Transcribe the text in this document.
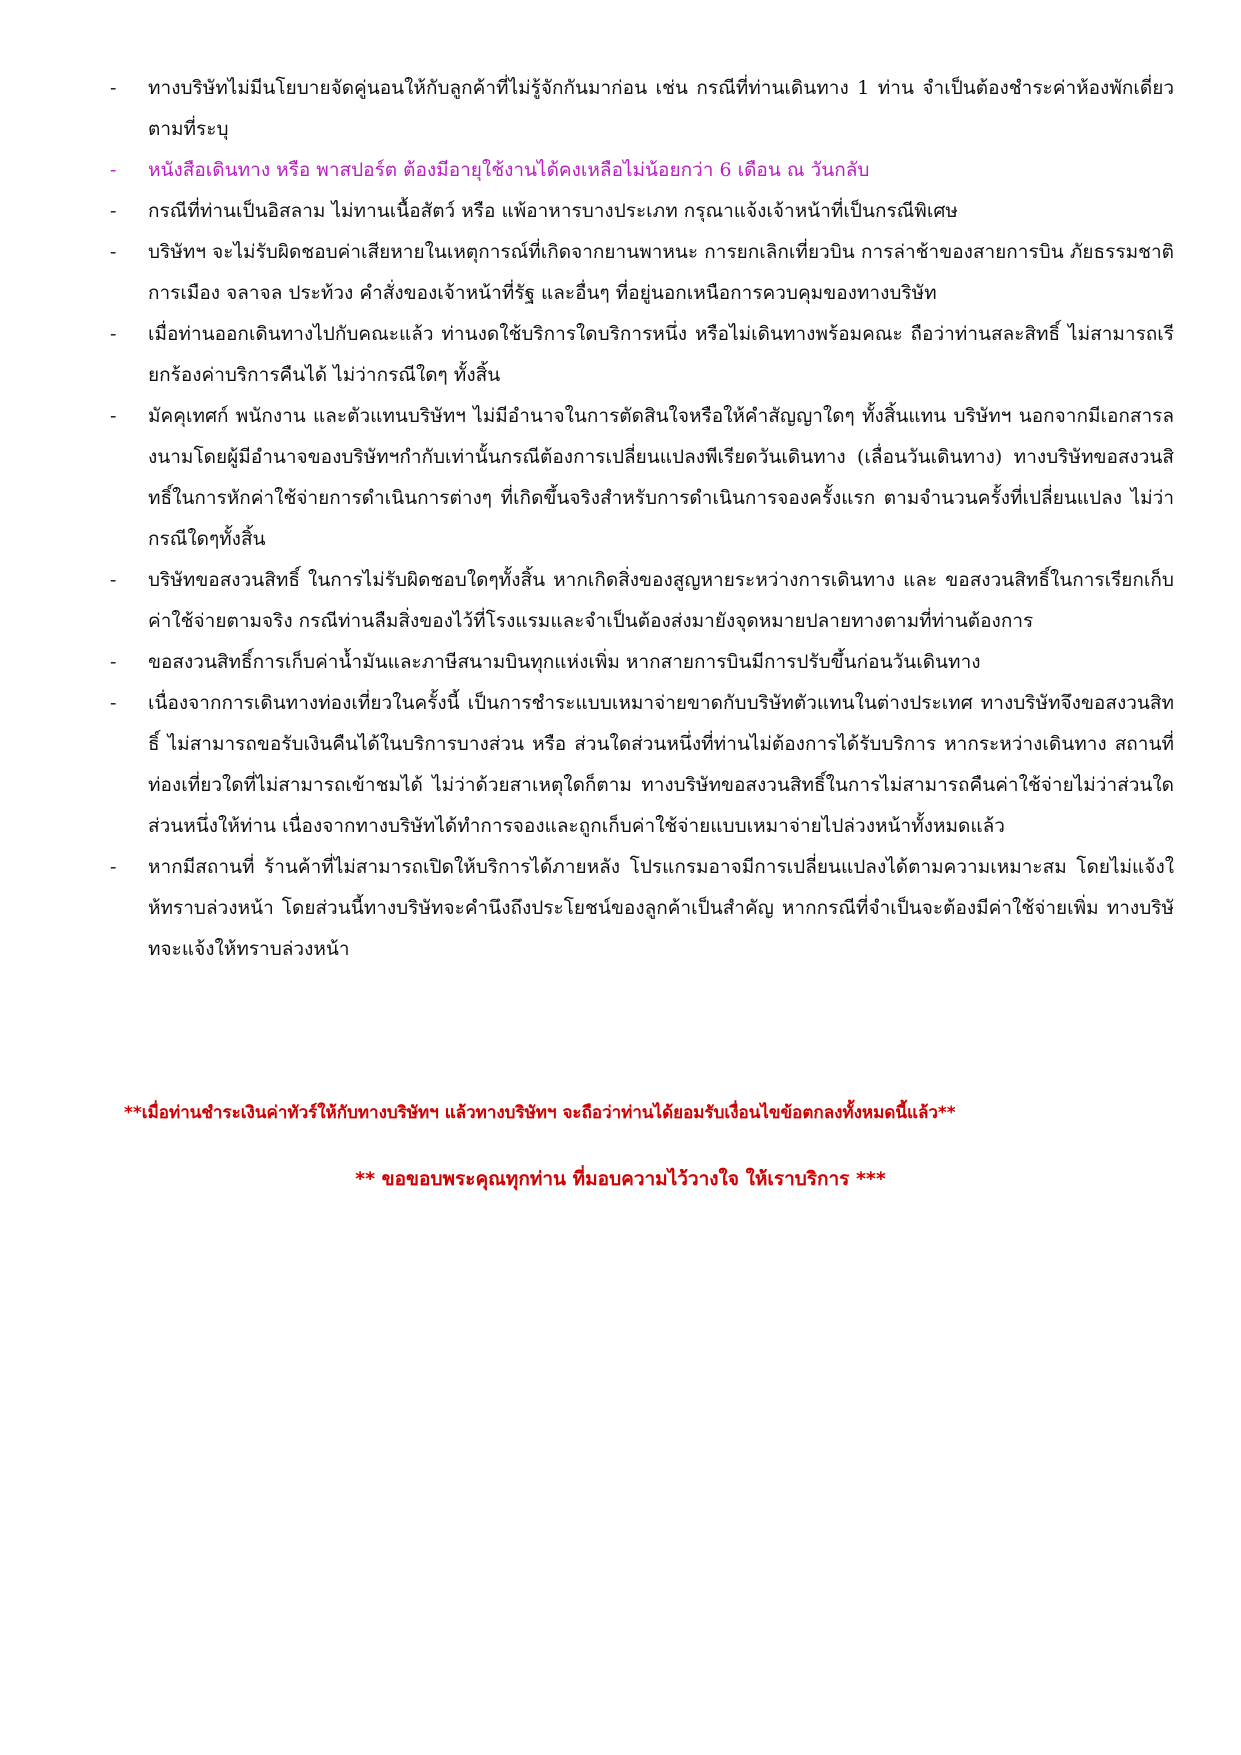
- ทางบริษัทไม่มีนโยบายจัดคู่นอนให้กับลูกค้าที่ไม่รู้จักกันมาก่อน เช่น กรณีที่ท่านเดินทาง 1 ท่าน จำเป็นต้องชำระค่าห้องพักเดี่ยวตามที่ระบุ
- หนังสือเดินทาง หรือ พาสปอร์ต ต้องมีอายุใช้งานได้คงเหลือไม่น้อยกว่า 6 เดือน ณ วันกลับ
- กรณีที่ท่านเป็นอิสลาม ไม่ทานเนื้อสัตว์ หรือ แพ้อาหารบางประเภท กรุณาแจ้งเจ้าหน้าที่เป็นกรณีพิเศษ
- บริษัทฯ จะไม่รับผิดชอบค่าเสียหายในเหตุการณ์ที่เกิดจากยานพาหนะ การยกเลิกเที่ยวบิน การล่าช้าของสายการบิน ภัยธรรมชาติ การเมือง จลาจล ประท้วง คำสั่งของเจ้าหน้าที่รัฐ และอื่นๆ ที่อยู่นอกเหนือการควบคุมของทางบริษัท
- เมื่อท่านออกเดินทางไปกับคณะแล้ว ท่านงดใช้บริการใดบริการหนึ่ง หรือไม่เดินทางพร้อมคณะ ถือว่าท่านสละสิทธิ์ ไม่สามารถเรียกร้องค่าบริการคืนได้ ไม่ว่ากรณีใดๆ ทั้งสิ้น
- มัคคุเทศก์ พนักงาน และตัวแทนบริษัทฯ ไม่มีอำนาจในการตัดสินใจหรือให้คำสัญญาใดๆ ทั้งสิ้นแทน บริษัทฯ นอกจากมีเอกสารลงนามโดยผู้มีอำนาจของบริษัทฯกำกับเท่านั้นกรณีต้องการเปลี่ยนแปลงพีเรียดวันเดินทาง (เลื่อนวันเดินทาง) ทางบริษัทขอสงวนสิทธิ์ในการหักค่าใช้จ่ายการดำเนินการต่างๆ ที่เกิดขึ้นจริงสำหรับการดำเนินการจองครั้งแรก ตามจำนวนครั้งที่เปลี่ยนแปลง ไม่ว่ากรณีใดๆทั้งสิ้น
- บริษัทขอสงวนสิทธิ์ ในการไม่รับผิดชอบใดๆทั้งสิ้น หากเกิดสิ่งของสูญหายระหว่างการเดินทาง และ ขอสงวนสิทธิ์ในการเรียกเก็บค่าใช้จ่ายตามจริง กรณีท่านลืมสิ่งของไว้ที่โรงแรมและจำเป็นต้องส่งมายังจุดหมายปลายทางตามที่ท่านต้องการ
- ขอสงวนสิทธิ์การเก็บค่าน้ำมันและภาษีสนามบินทุกแห่งเพิ่ม หากสายการบินมีการปรับขึ้นก่อนวันเดินทาง
- เนื่องจากการเดินทางท่องเที่ยวในครั้งนี้ เป็นการชำระแบบเหมาจ่ายขาดกับบริษัทตัวแทนในต่างประเทศ ทางบริษัทจึงขอสงวนสิทธิ์ ไม่สามารถขอรับเงินคืนได้ในบริการบางส่วน หรือ ส่วนใดส่วนหนึ่งที่ท่านไม่ต้องการได้รับบริการ หากระหว่างเดินทาง สถานที่ท่องเที่ยวใดที่ไม่สามารถเข้าชมได้ ไม่ว่าด้วยสาเหตุใดก็ตาม ทางบริษัทขอสงวนสิทธิ์ในการไม่สามารถคืนค่าใช้จ่ายไม่ว่าส่วนใดส่วนหนึ่งให้ท่าน เนื่องจากทางบริษัทได้ทำการจองและถูกเก็บค่าใช้จ่ายแบบเหมาจ่ายไปล่วงหน้าทั้งหมดแล้ว
- หากมีสถานที่ ร้านค้าที่ไม่สามารถเปิดให้บริการได้ภายหลัง โปรแกรมอาจมีการเปลี่ยนแปลงได้ตามความเหมาะสม โดยไม่แจ้งให้ทราบล่วงหน้า โดยส่วนนี้ทางบริษัทจะคำนึงถึงประโยชน์ของลูกค้าเป็นสำคัญ หากกรณีที่จำเป็นจะต้องมีค่าใช้จ่ายเพิ่ม ทางบริษัทจะแจ้งให้ทราบล่วงหน้า
**เมื่อท่านชำระเงินค่าทัวร์ให้กับทางบริษัทฯ แล้วทางบริษัทฯ จะถือว่าท่านได้ยอมรับเงื่อนไขข้อตกลงทั้งหมดนี้แล้ว**
** ขอขอบพระคุณทุกท่าน ที่มอบความไว้วางใจ ให้เราบริการ ***
